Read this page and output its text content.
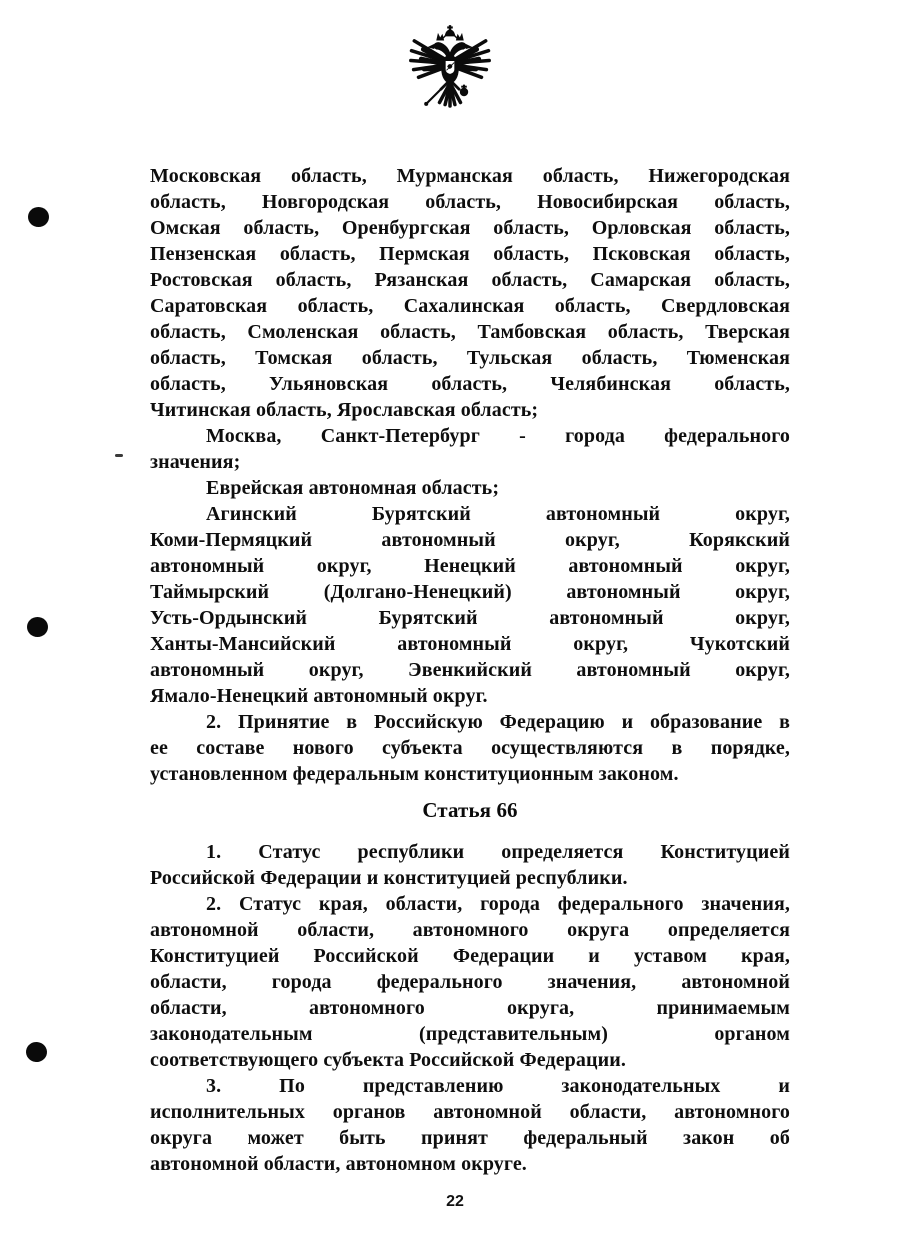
Московская область, Мурманская область, Нижегородская
область, Новгородская область, Новосибирская область,
Омская область, Оренбургская область, Орловская область,
Пензенская область, Пермская область, Псковская область,
Ростовская область, Рязанская область, Самарская область,
Саратовская область, Сахалинская область, Свердловская
область, Смоленская область, Тамбовская область, Тверская
область, Томская область, Тульская область, Тюменская
область, Ульяновская область, Челябинская область,
Читинская область, Ярославская область;
Москва, Санкт-Петербург - города федерального
значения;
Еврейская автономная область;
Агинский Бурятский автономный округ,
Коми-Пермяцкий автономный округ, Корякский
автономный округ, Ненецкий автономный округ,
Таймырский (Долгано-Ненецкий) автономный округ,
Усть-Ордынский Бурятский автономный округ,
Ханты-Мансийский автономный округ, Чукотский
автономный округ, Эвенкийский автономный округ,
Ямало-Ненецкий автономный округ.
2. Принятие в Российскую Федерацию и образование в
ее составе нового субъекта осуществляются в порядке,
установленном федеральным конституционным законом.
Статья 66
1. Статус республики определяется Конституцией
Российской Федерации и конституцией республики.
2. Статус края, области, города федерального значения,
автономной области, автономного округа определяется
Конституцией Российской Федерации и уставом края,
области, города федерального значения, автономной
области, автономного округа, принимаемым
законодательным (представительным) органом
соответствующего субъекта Российской Федерации.
3. По представлению законодательных и
исполнительных органов автономной области, автономного
округа может быть принят федеральный закон об
автономной области, автономном округе.
22
